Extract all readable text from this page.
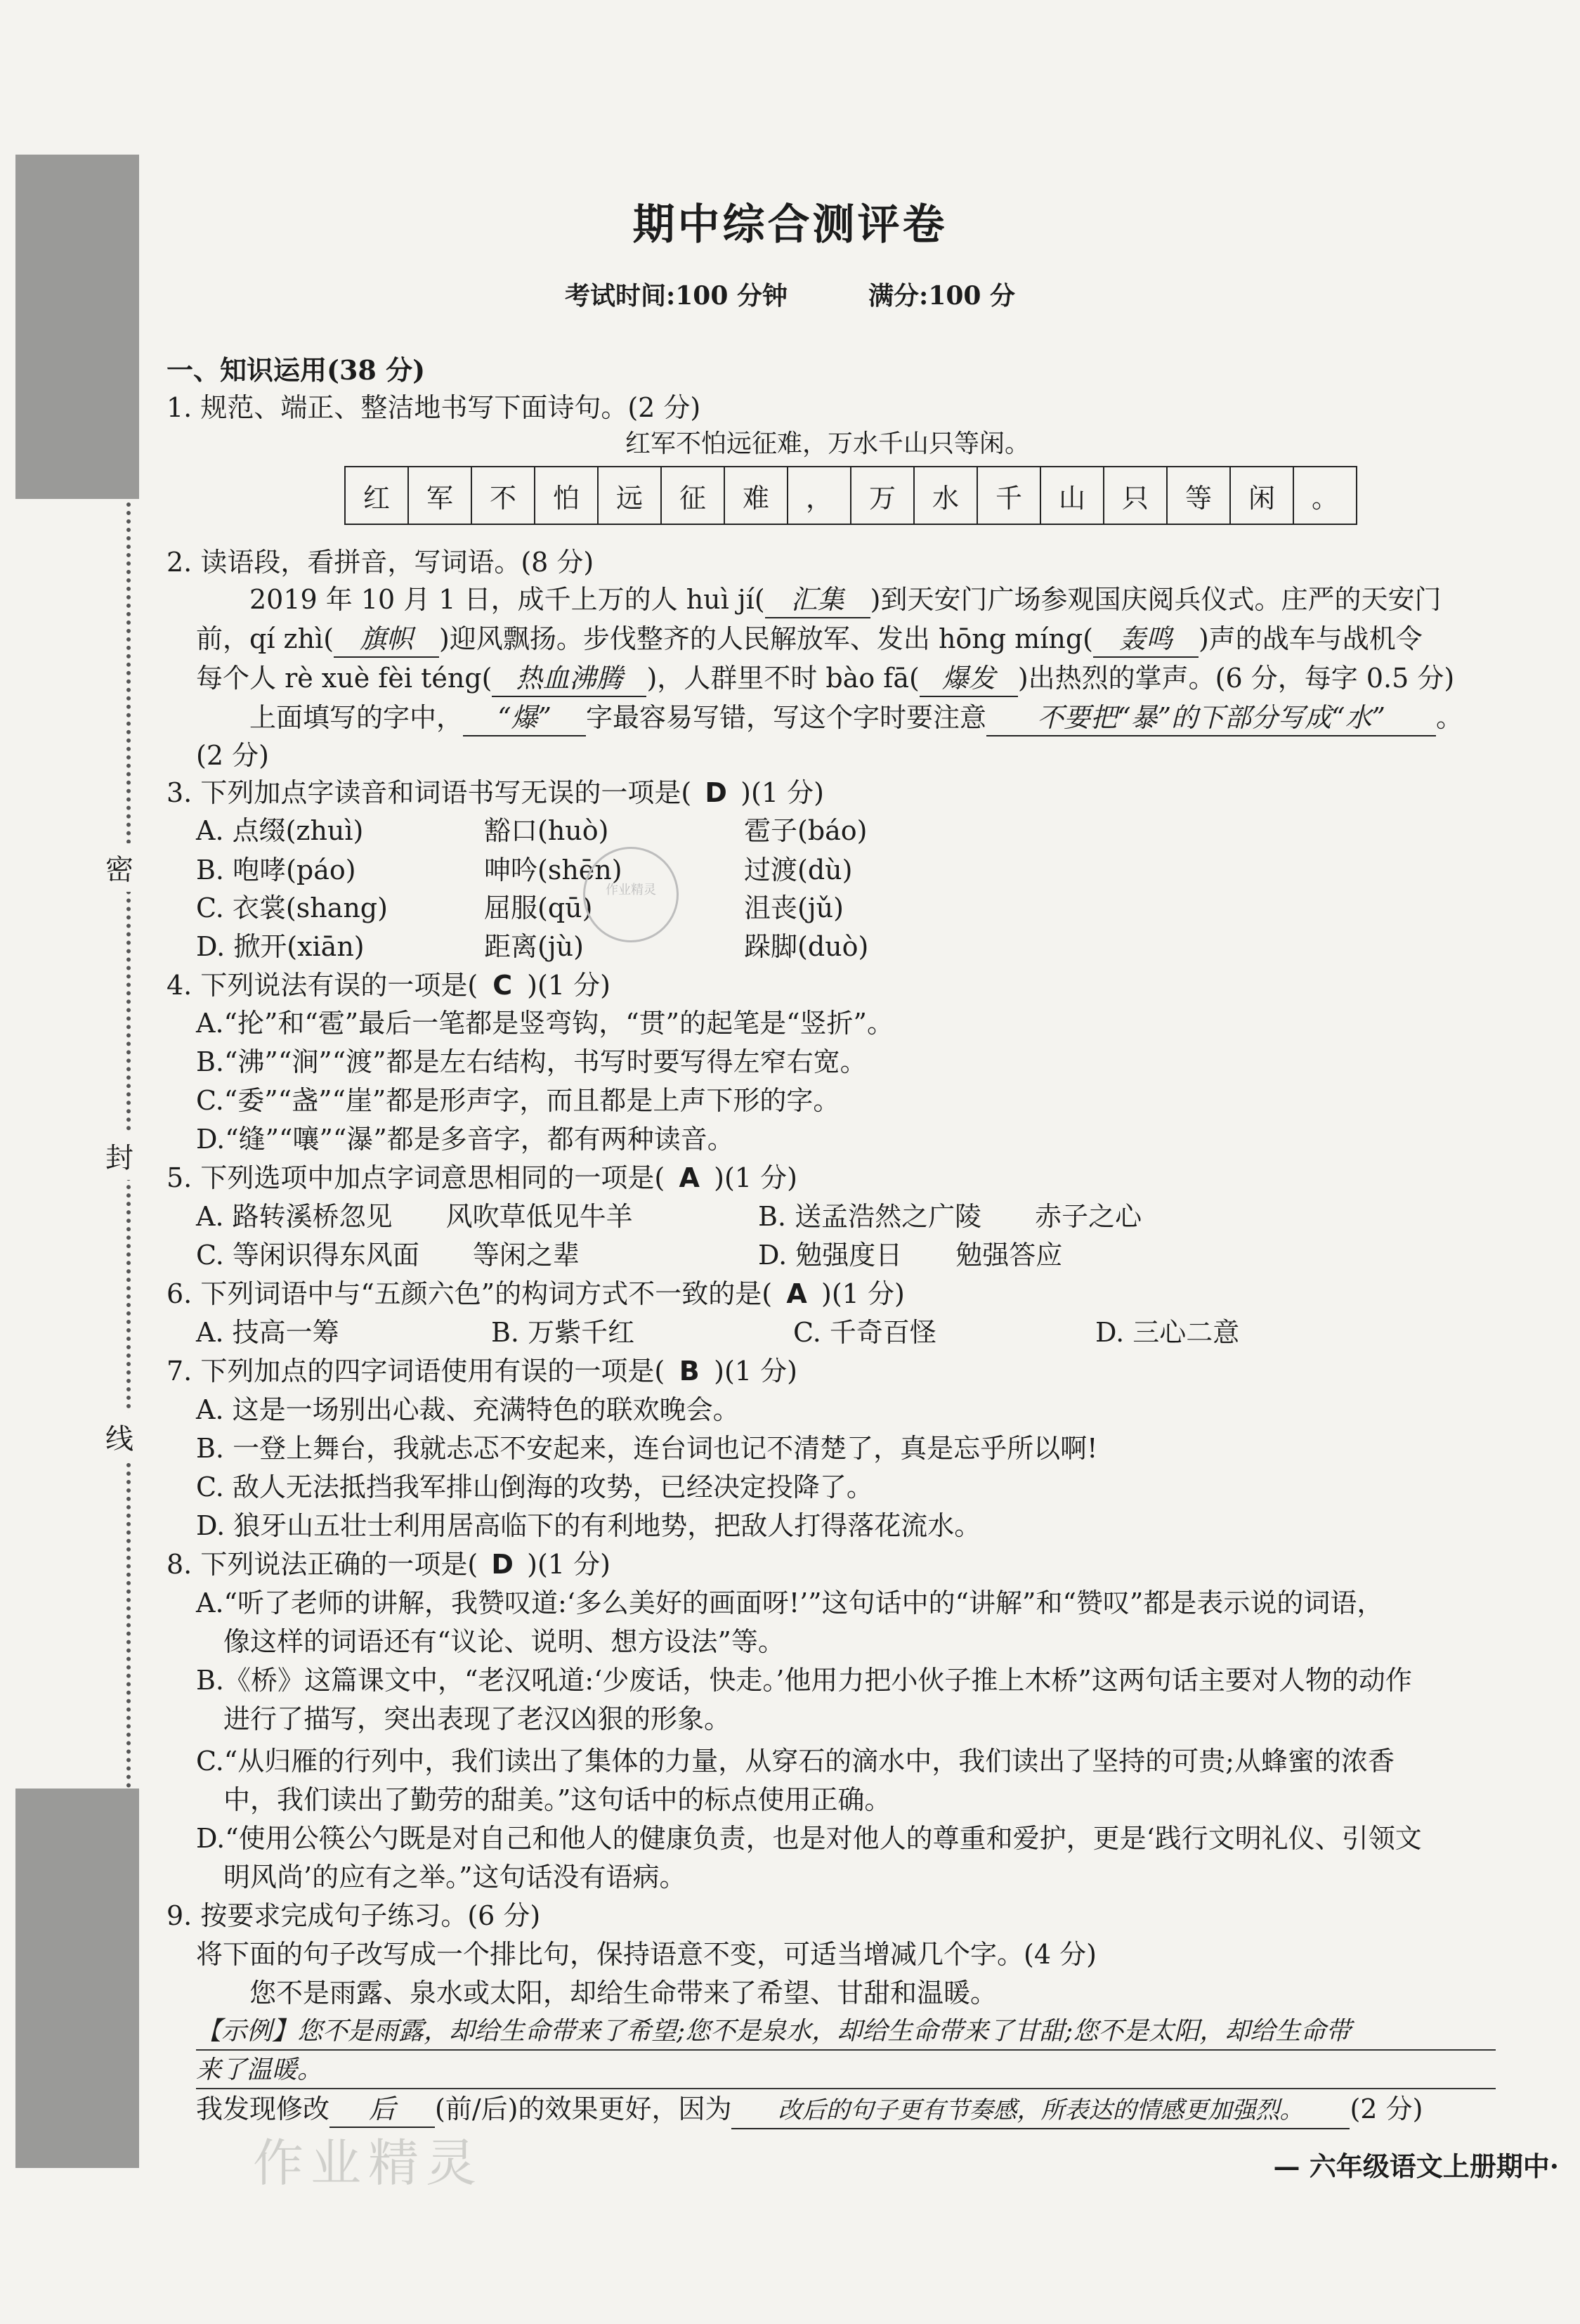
密
封
线
期中综合测评卷
考试时间:100 分钟	满分:100 分
一、知识运用(38 分)
1. 规范、端正、整洁地书写下面诗句。(2 分)
红军不怕远征难，万水千山只等闲。
红	军	不	怕	远	征	难	，	万	水	千	山	只	等	闲	。
2. 读语段，看拼音，写词语。(8 分)
2019 年 10 月 1 日，成千上万的人 huì jí( 汇集 )到天安门广场参观国庆阅兵仪式。庄严的天安门
前，qí zhì( 旗帜 )迎风飘扬。步伐整齐的人民解放军、发出 hōng míng( 轰鸣 )声的战车与战机令
每个人 rè xuè fèi téng( 热血沸腾 )，人群里不时 bào fā( 爆发 )出热烈的掌声。(6 分，每字 0.5 分)
上面填写的字中， “爆” 字最容易写错，写这个字时要注意 不要把“暴”的下部分写成“水” 。
(2 分)
3. 下列加点字读音和词语书写无误的一项是( D )(1 分)
A. 点缀(zhuì)	豁口(huò)	雹子(báo)
B. 咆哮(páo)	呻吟(shēn)	过渡(dù)
C. 衣裳(shang)	屈服(qū)	沮丧(jǔ)
D. 掀开(xiān)	距离(jù)	跺脚(duò)
4. 下列说法有误的一项是( C )(1 分)
A.“抡”和“雹”最后一笔都是竖弯钩，“贯”的起笔是“竖折”。
B.“沸”“涧”“渡”都是左右结构，书写时要写得左窄右宽。
C.“委”“盏”“崖”都是形声字，而且都是上声下形的字。
D.“缝”“嚷”“瀑”都是多音字，都有两种读音。
5. 下列选项中加点字词意思相同的一项是( A )(1 分)
A. 路转溪桥忽见　　风吹草低见牛羊	B. 送孟浩然之广陵　　赤子之心
C. 等闲识得东风面　　等闲之辈	D. 勉强度日　　勉强答应
6. 下列词语中与“五颜六色”的构词方式不一致的是( A )(1 分)
A. 技高一筹	B. 万紫千红	C. 千奇百怪	D. 三心二意
7. 下列加点的四字词语使用有误的一项是( B )(1 分)
A. 这是一场别出心裁、充满特色的联欢晚会。
B. 一登上舞台，我就忐忑不安起来，连台词也记不清楚了，真是忘乎所以啊!
C. 敌人无法抵挡我军排山倒海的攻势，已经决定投降了。
D. 狼牙山五壮士利用居高临下的有利地势，把敌人打得落花流水。
8. 下列说法正确的一项是( D )(1 分)
A.“听了老师的讲解，我赞叹道:‘多么美好的画面呀!’”这句话中的“讲解”和“赞叹”都是表示说的词语，
像这样的词语还有“议论、说明、想方设法”等。
B.《桥》这篇课文中，“老汉吼道:‘少废话，快走。’他用力把小伙子推上木桥”这两句话主要对人物的动作
进行了描写，突出表现了老汉凶狠的形象。
C.“从归雁的行列中，我们读出了集体的力量，从穿石的滴水中，我们读出了坚持的可贵;从蜂蜜的浓香
中，我们读出了勤劳的甜美。”这句话中的标点使用正确。
D.“使用公筷公勺既是对自己和他人的健康负责，也是对他人的尊重和爱护，更是‘践行文明礼仪、引领文
明风尚’的应有之举。”这句话没有语病。
9. 按要求完成句子练习。(6 分)
将下面的句子改写成一个排比句，保持语意不变，可适当增减几个字。(4 分)
您不是雨露、泉水或太阳，却给生命带来了希望、甘甜和温暖。
【示例】您不是雨露，却给生命带来了希望;您不是泉水，却给生命带来了甘甜;您不是太阳，却给生命带
来了温暖。
我发现修改 后 (前/后)的效果更好，因为 改后的句子更有节奏感，所表达的情感更加强烈。 (2 分)
作业精灵
作业精灵	— 六年级语文上册期中·
